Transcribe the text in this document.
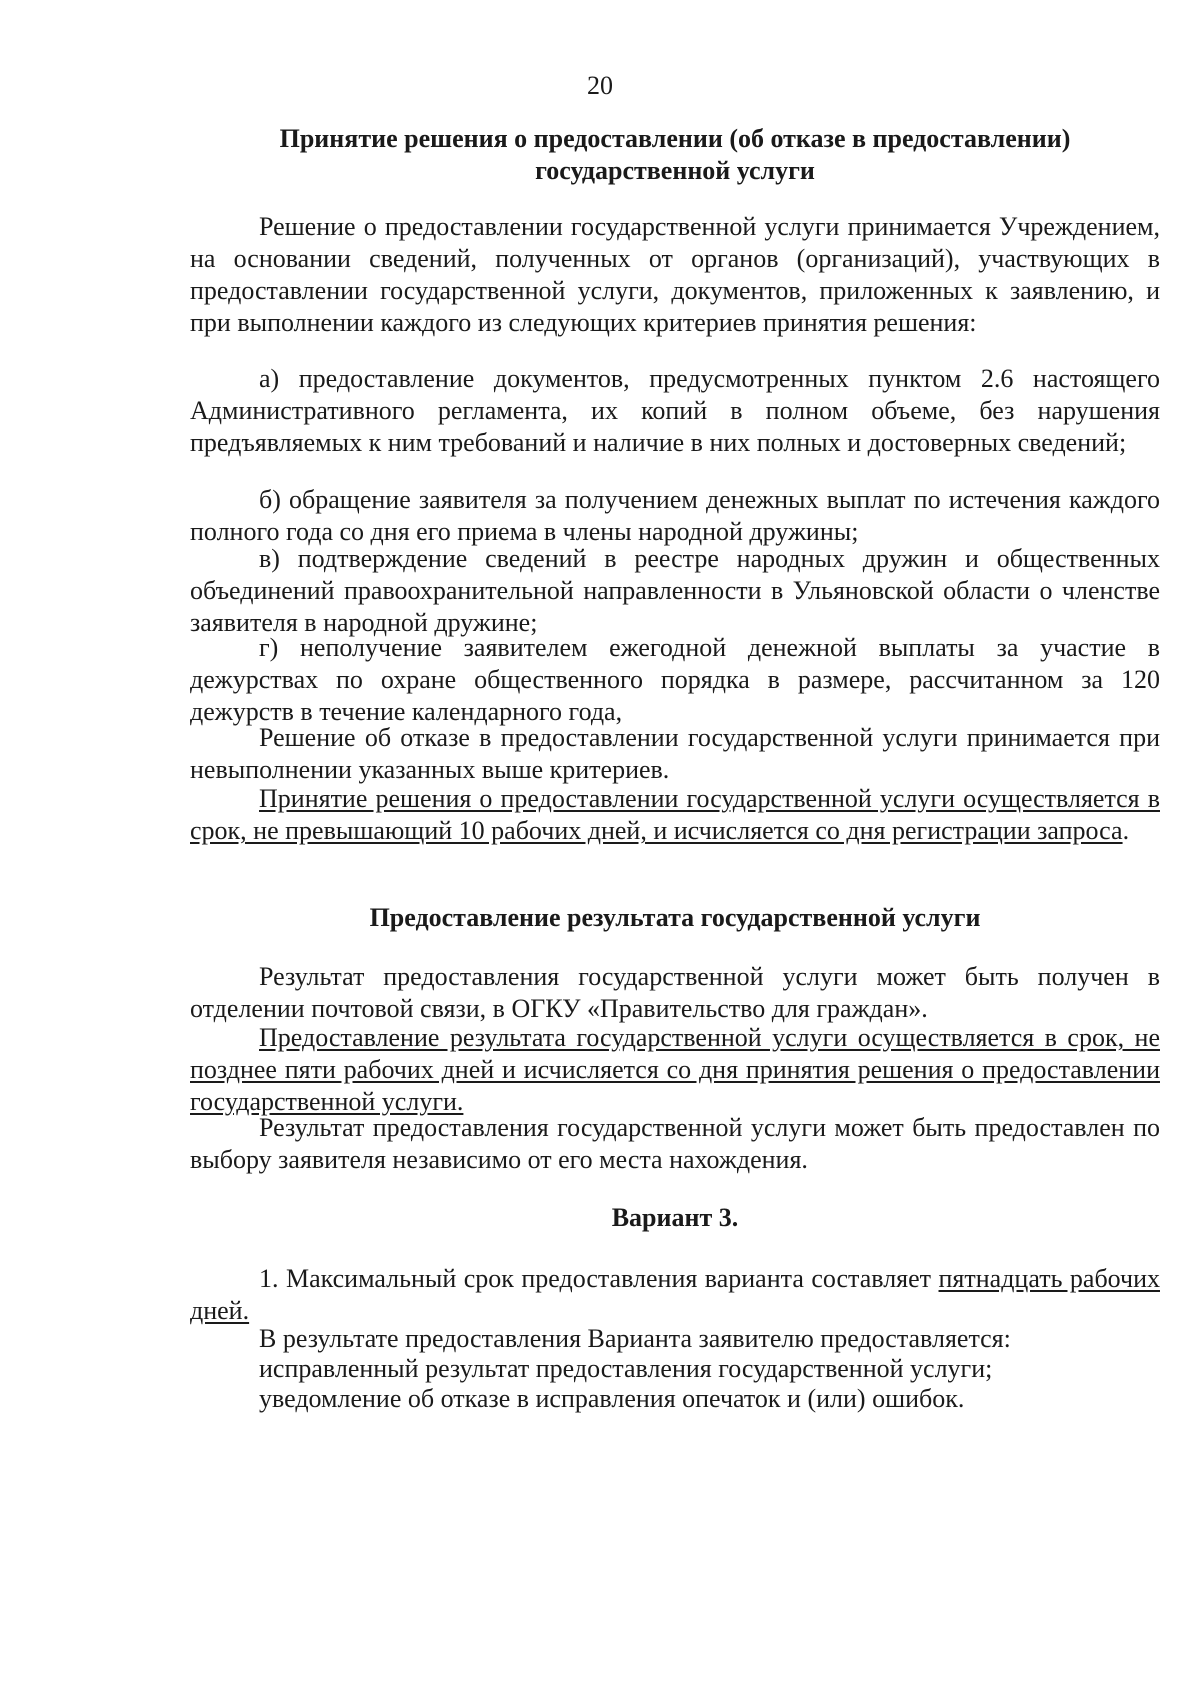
20
Принятие решения о предоставлении (об отказе в предоставлении)
государственной услуги

Решение о предоставлении государственной услуги принимается Учреждением, на основании сведений, полученных от органов (организаций), участвующих в предоставлении государственной услуги, документов, приложенных к заявлению, и при выполнении каждого из следующих критериев принятия решения:

а) предоставление документов, предусмотренных пунктом 2.6 настоящего Административного регламента, их копий в полном объеме, без нарушения предъявляемых к ним требований и наличие в них полных и достоверных сведений;

б) обращение заявителя за получением денежных выплат по истечения каждого полного года со дня его приема в члены народной дружины;

в) подтверждение сведений в реестре народных дружин и общественных объединений правоохранительной направленности в Ульяновской области о членстве заявителя в народной дружине;

г) неполучение заявителем ежегодной денежной выплаты за участие в дежурствах по охране общественного порядка в размере, рассчитанном за 120 дежурств в течение календарного года,

Решение об отказе в предоставлении государственной услуги принимается при невыполнении указанных выше критериев.

Принятие решения о предоставлении государственной услуги осуществляется в срок, не превышающий 10 рабочих дней, и исчисляется со дня регистрации запроса.

Предоставление результата государственной услуги

Результат предоставления государственной услуги может быть получен в отделении почтовой связи, в ОГКУ «Правительство для граждан».

Предоставление результата государственной услуги осуществляется в срок, не позднее пяти рабочих дней и исчисляется со дня принятия решения о предоставлении государственной услуги.

Результат предоставления государственной услуги может быть предоставлен по выбору заявителя независимо от его места нахождения.

Вариант 3.

1. Максимальный срок предоставления варианта составляет пятнадцать рабочих дней.

В результате предоставления Варианта заявителю предоставляется:
исправленный результат предоставления государственной услуги;
уведомление об отказе в исправления опечаток и (или) ошибок.
